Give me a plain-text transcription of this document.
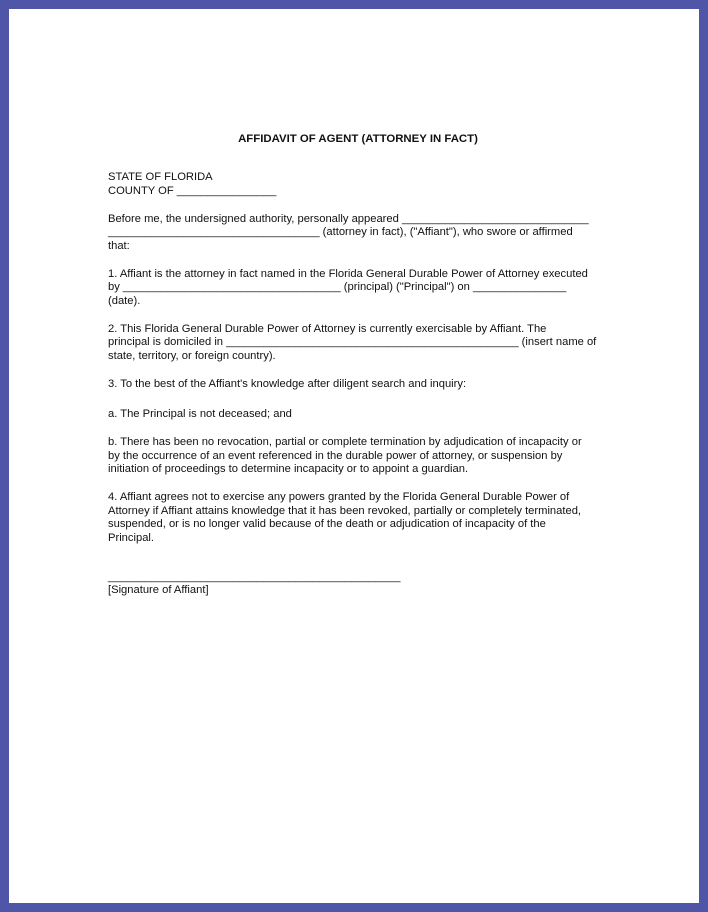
AFFIDAVIT OF AGENT (ATTORNEY IN FACT)
STATE OF FLORIDA
COUNTY OF ________________
Before me, the undersigned authority, personally appeared ______________________________
__________________________________ (attorney in fact), ("Affiant"), who swore or affirmed
that:
1. Affiant is the attorney in fact named in the Florida General Durable Power of Attorney executed
by ___________________________________ (principal) ("Principal") on _______________
(date).
2. This Florida General Durable Power of Attorney is currently exercisable by Affiant. The
principal is domiciled in _______________________________________________ (insert name of
state, territory, or foreign country).
3. To the best of the Affiant's knowledge after diligent search and inquiry:
a. The Principal is not deceased; and
b. There has been no revocation, partial or complete termination by adjudication of incapacity or
by the occurrence of an event referenced in the durable power of attorney, or suspension by
initiation of proceedings to determine incapacity or to appoint a guardian.
4. Affiant agrees not to exercise any powers granted by the Florida General Durable Power of
Attorney if Affiant attains knowledge that it has been revoked, partially or completely terminated,
suspended, or is no longer valid because of the death or adjudication of incapacity of the
Principal.
_______________________________________________
[Signature of Affiant]
